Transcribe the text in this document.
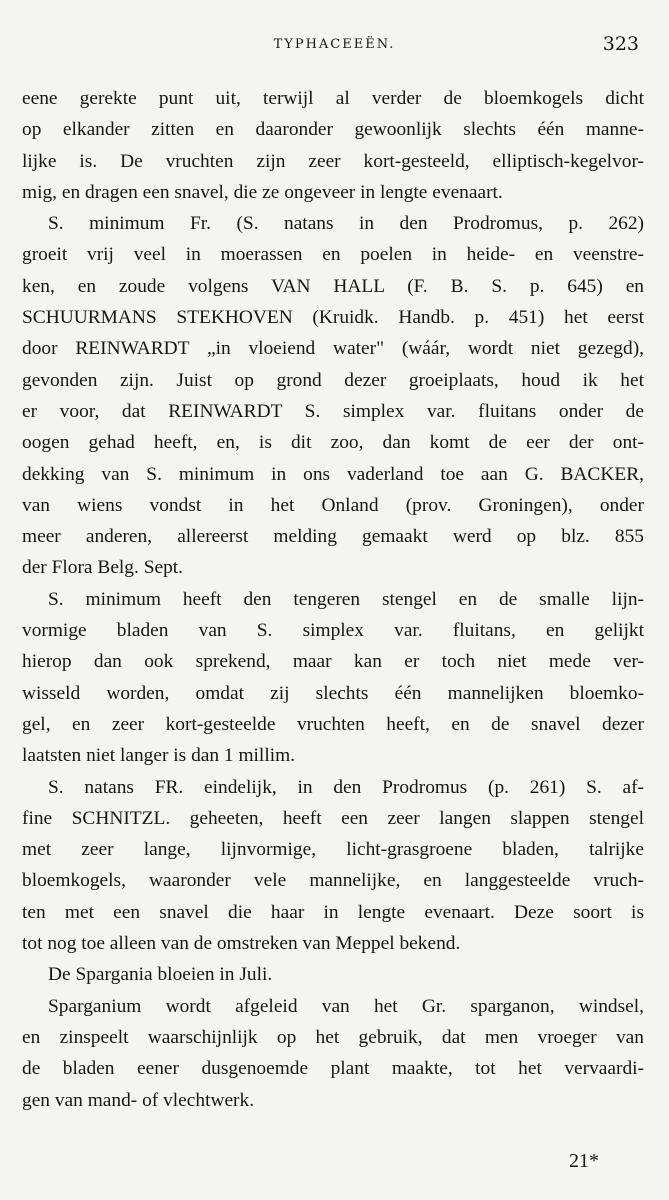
TYPHACEEËN.	323
eene gerekte punt uit, terwijl al verder de bloemkogels dicht
op elkander zitten en daaronder gewoonlijk slechts één manne-
lijke is. De vruchten zijn zeer kort-gesteeld, elliptisch-kegelvor-
mig, en dragen een snavel, die ze ongeveer in lengte evenaart.
S. minimum Fr. (S. natans in den Prodromus, p. 262)
groeit vrij veel in moerassen en poelen in heide- en veenstre-
ken, en zoude volgens VAN HALL (F. B. S. p. 645) en
SCHUURMANS STEKHOVEN (Kruidk. Handb. p. 451) het eerst
door REINWARDT „in vloeiend water" (wáár, wordt niet gezegd),
gevonden zijn. Juist op grond dezer groeiplaats, houd ik het
er voor, dat REINWARDT S. simplex var. fluitans onder de
oogen gehad heeft, en, is dit zoo, dan komt de eer der ont-
dekking van S. minimum in ons vaderland toe aan G. BACKER,
van wiens vondst in het Onland (prov. Groningen), onder
meer anderen, allereerst melding gemaakt werd op blz. 855
der Flora Belg. Sept.
S. minimum heeft den tengeren stengel en de smalle lijn-
vormige bladen van S. simplex var. fluitans, en gelijkt
hierop dan ook sprekend, maar kan er toch niet mede ver-
wisseld worden, omdat zij slechts één mannelijken bloemko-
gel, en zeer kort-gesteelde vruchten heeft, en de snavel dezer
laatsten niet langer is dan 1 millim.
S. natans FR. eindelijk, in den Prodromus (p. 261) S. af-
fine SCHNITZL. geheeten, heeft een zeer langen slappen stengel
met zeer lange, lijnvormige, licht-grasgroene bladen, talrijke
bloemkogels, waaronder vele mannelijke, en langgesteelde vruch-
ten met een snavel die haar in lengte evenaart. Deze soort is
tot nog toe alleen van de omstreken van Meppel bekend.
De Spargania bloeien in Juli.
Sparganium wordt afgeleid van het Gr. sparganon, windsel,
en zinspeelt waarschijnlijk op het gebruik, dat men vroeger van
de bladen eener dusgenoemde plant maakte, tot het vervaardi-
gen van mand- of vlechtwerk.
21*
